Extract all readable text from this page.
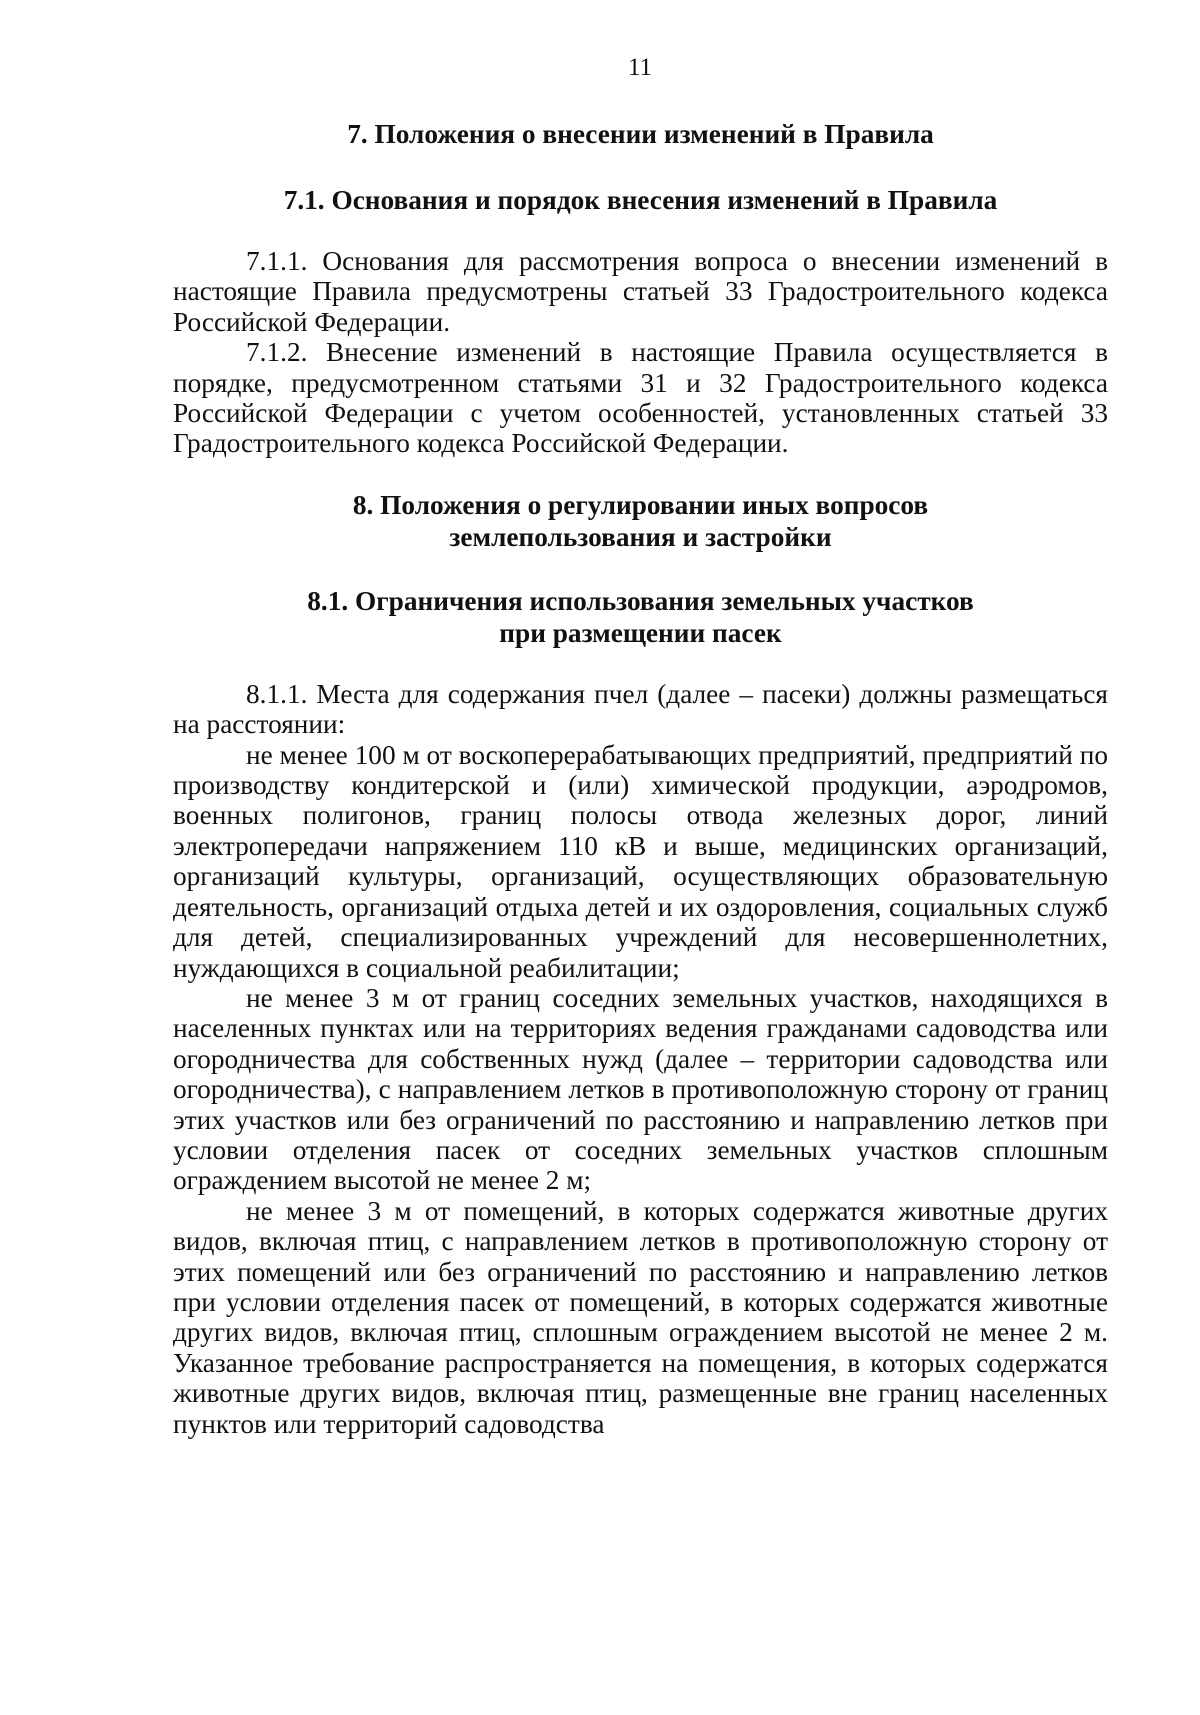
11
7. Положения о внесении изменений в Правила
7.1. Основания и порядок внесения изменений в Правила

7.1.1. Основания для рассмотрения вопроса о внесении изменений в настоящие Правила предусмотрены статьей 33 Градостроительного кодекса Российской Федерации.

7.1.2. Внесение изменений в настоящие Правила осуществляется в порядке, предусмотренном статьями 31 и 32 Градостроительного кодекса Российской Федерации с учетом особенностей, установленных статьей 33 Градостроительного кодекса Российской Федерации.

8. Положения о регулировании иных вопросов
землепользования и застройки
8.1. Ограничения использования земельных участков
при размещении пасек

8.1.1. Места для содержания пчел (далее – пасеки) должны размещаться на расстоянии:

не менее 100 м от воскоперерабатывающих предприятий, предприятий по производству кондитерской и (или) химической продукции, аэродромов, военных полигонов, границ полосы отвода железных дорог, линий электропередачи напряжением 110 кВ и выше, медицинских организаций, организаций культуры, организаций, осуществляющих образовательную деятельность, организаций отдыха детей и их оздоровления, социальных служб для детей, специализированных учреждений для несовершеннолетних, нуждающихся в социальной реабилитации;

не менее 3 м от границ соседних земельных участков, находящихся в населенных пунктах или на территориях ведения гражданами садоводства или огородничества для собственных нужд (далее – территории садоводства или огородничества), с направлением летков в противоположную сторону от границ этих участков или без ограничений по расстоянию и направлению летков при условии отделения пасек от соседних земельных участков сплошным ограждением высотой не менее 2 м;

не менее 3 м от помещений, в которых содержатся животные других видов, включая птиц, с направлением летков в противоположную сторону от этих помещений или без ограничений по расстоянию и направлению летков при условии отделения пасек от помещений, в которых содержатся животные других видов, включая птиц, сплошным ограждением высотой не менее 2 м. Указанное требование распространяется на помещения, в которых содержатся животные других видов, включая птиц, размещенные вне границ населенных пунктов или территорий садоводства
